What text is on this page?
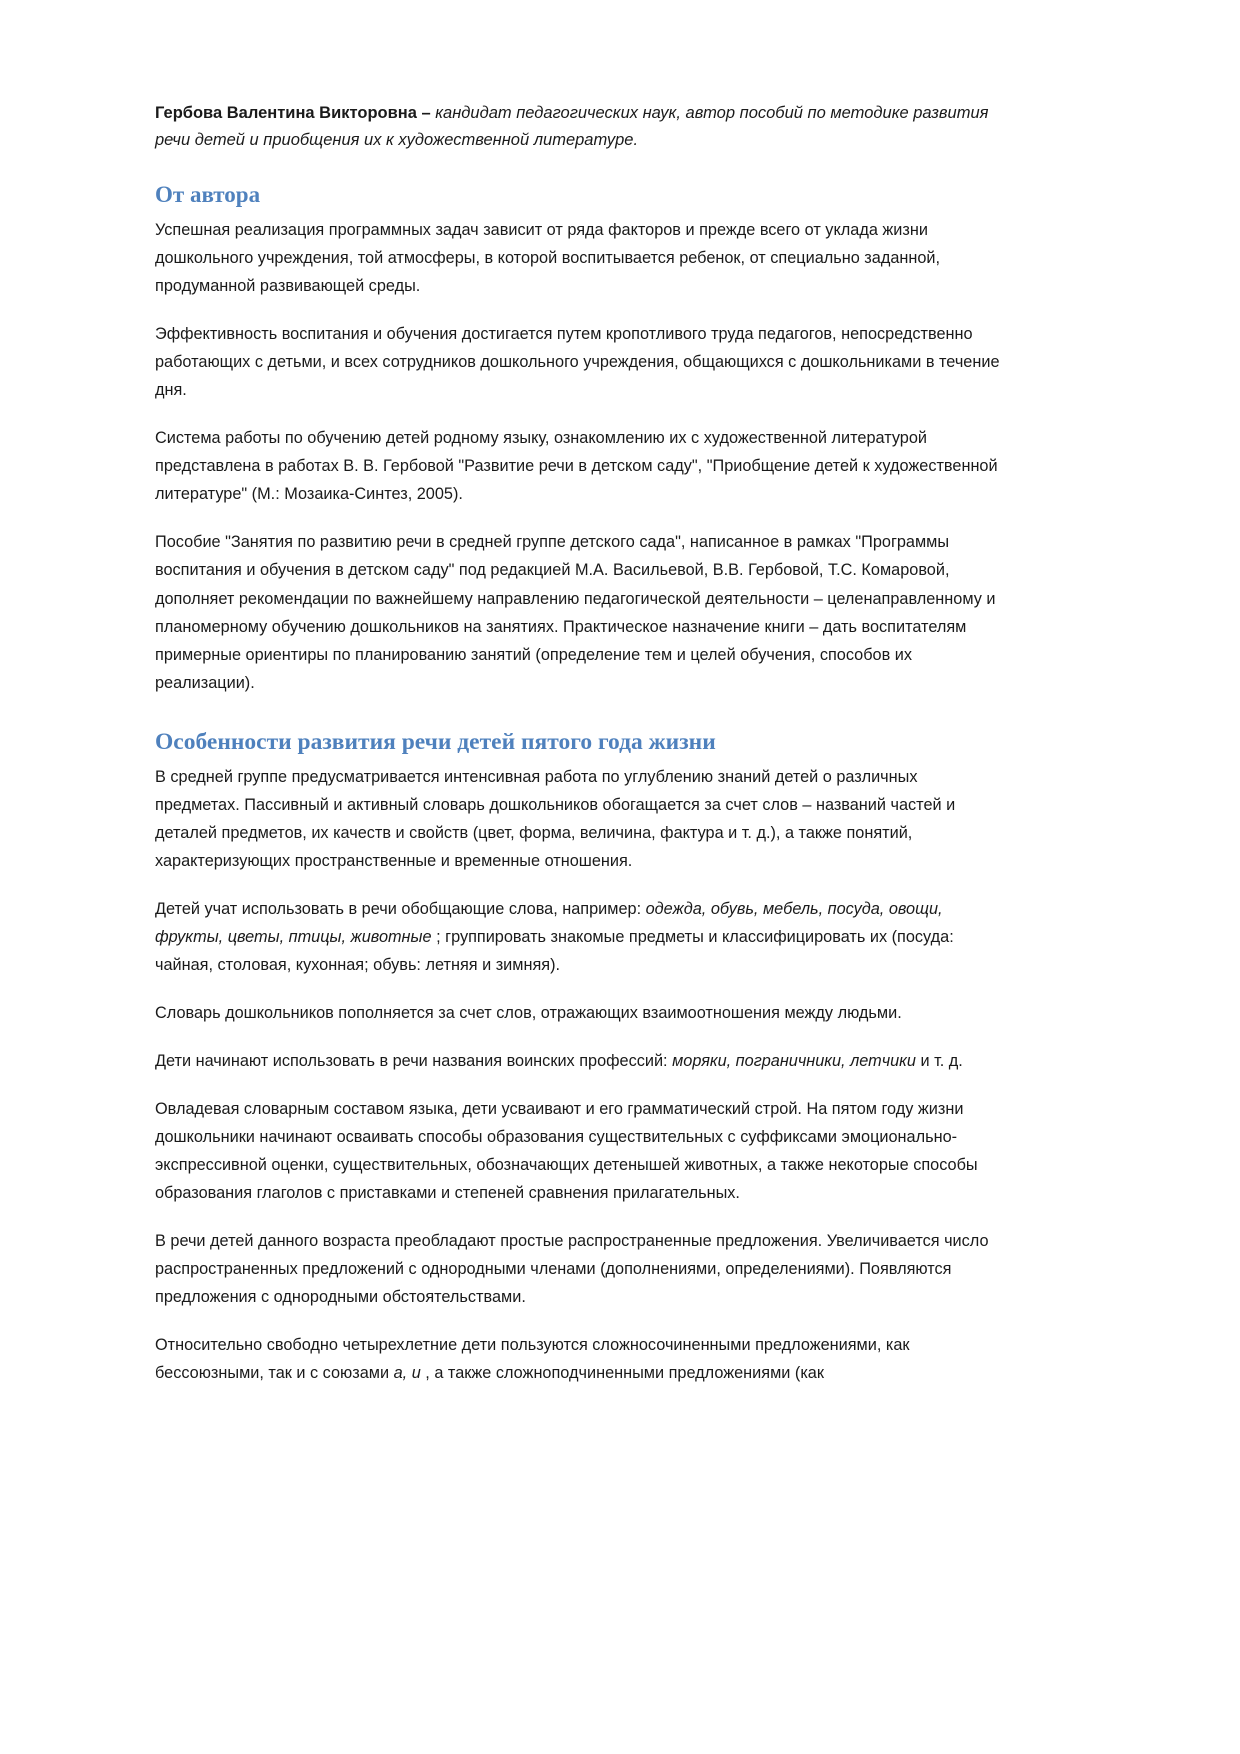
Гербова Валентина Викторовна – кандидат педагогических наук, автор пособий по методике развития речи детей и приобщения их к художественной литературе.

От автора

Успешная реализация программных задач зависит от ряда факторов и прежде всего от уклада жизни дошкольного учреждения, той атмосферы, в которой воспитывается ребенок, от специально заданной, продуманной развивающей среды.

Эффективность воспитания и обучения достигается путем кропотливого труда педагогов, непосредственно работающих с детьми, и всех сотрудников дошкольного учреждения, общающихся с дошкольниками в течение дня.

Система работы по обучению детей родному языку, ознакомлению их с художественной литературой представлена в работах В. В. Гербовой "Развитие речи в детском саду", "Приобщение детей к художественной литературе" (М.: Мозаика-Синтез, 2005).

Пособие "Занятия по развитию речи в средней группе детского сада", написанное в рамках "Программы воспитания и обучения в детском саду" под редакцией М.А. Васильевой, В.В. Гербовой, Т.С. Комаровой, дополняет рекомендации по важнейшему направлению педагогической деятельности – целенаправленному и планомерному обучению дошкольников на занятиях. Практическое назначение книги – дать воспитателям примерные ориентиры по планированию занятий (определение тем и целей обучения, способов их реализации).

Особенности развития речи детей пятого года жизни

В средней группе предусматривается интенсивная работа по углублению знаний детей о различных предметах. Пассивный и активный словарь дошкольников обогащается за счет слов – названий частей и деталей предметов, их качеств и свойств (цвет, форма, величина, фактура и т. д.), а также понятий, характеризующих пространственные и временные отношения.

Детей учат использовать в речи обобщающие слова, например: одежда, обувь, мебель, посуда, овощи, фрукты, цветы, птицы, животные ; группировать знакомые предметы и классифицировать их (посуда: чайная, столовая, кухонная; обувь: летняя и зимняя).

Словарь дошкольников пополняется за счет слов, отражающих взаимоотношения между людьми.

Дети начинают использовать в речи названия воинских профессий: моряки, пограничники, летчики и т. д.

Овладевая словарным составом языка, дети усваивают и его грамматический строй. На пятом году жизни дошкольники начинают осваивать способы образования существительных с суффиксами эмоционально-экспрессивной оценки, существительных, обозначающих детенышей животных, а также некоторые способы образования глаголов с приставками и степеней сравнения прилагательных.

В речи детей данного возраста преобладают простые распространенные предложения. Увеличивается число распространенных предложений с однородными членами (дополнениями, определениями). Появляются предложения с однородными обстоятельствами.

Относительно свободно четырехлетние дети пользуются сложносочиненными предложениями, как бессоюзными, так и с союзами а, и , а также сложноподчиненными предложениями (как
